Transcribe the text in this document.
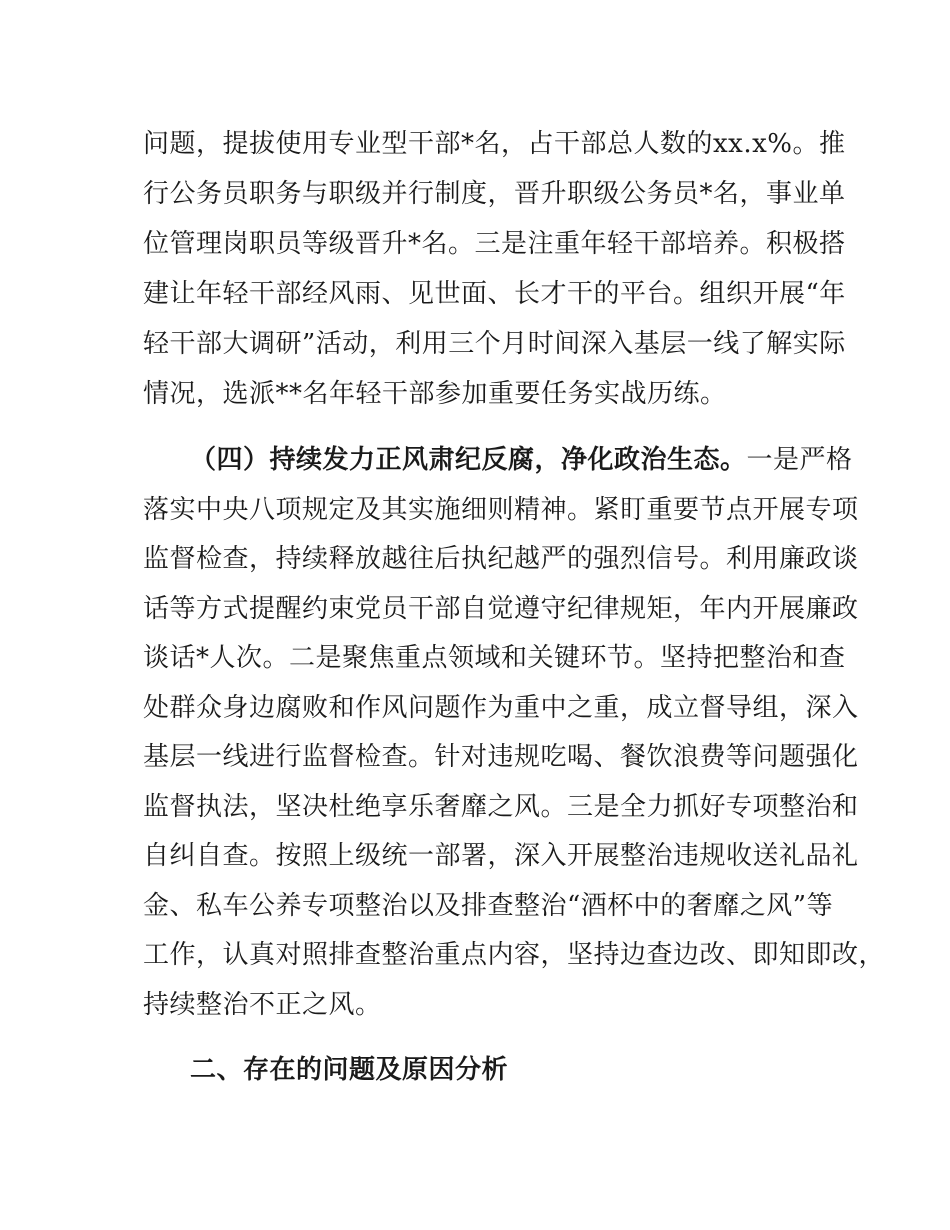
问题，提拔使用专业型干部*名，占干部总人数的xx.x%。推
行公务员职务与职级并行制度，晋升职级公务员*名，事业单
位管理岗职员等级晋升*名。三是注重年轻干部培养。积极搭
建让年轻干部经风雨、见世面、长才干的平台。组织开展“年
轻干部大调研”活动，利用三个月时间深入基层一线了解实际
情况，选派**名年轻干部参加重要任务实战历练。
（四）持续发力正风肃纪反腐，净化政治生态。一是严格
落实中央八项规定及其实施细则精神。紧盯重要节点开展专项
监督检查，持续释放越往后执纪越严的强烈信号。利用廉政谈
话等方式提醒约束党员干部自觉遵守纪律规矩，年内开展廉政
谈话*人次。二是聚焦重点领域和关键环节。坚持把整治和查
处群众身边腐败和作风问题作为重中之重，成立督导组，深入
基层一线进行监督检查。针对违规吃喝、餐饮浪费等问题强化
监督执法，坚决杜绝享乐奢靡之风。三是全力抓好专项整治和
自纠自查。按照上级统一部署，深入开展整治违规收送礼品礼
金、私车公养专项整治以及排查整治“酒杯中的奢靡之风”等
工作，认真对照排查整治重点内容，坚持边查边改、即知即改，
持续整治不正之风。
二、存在的问题及原因分析
